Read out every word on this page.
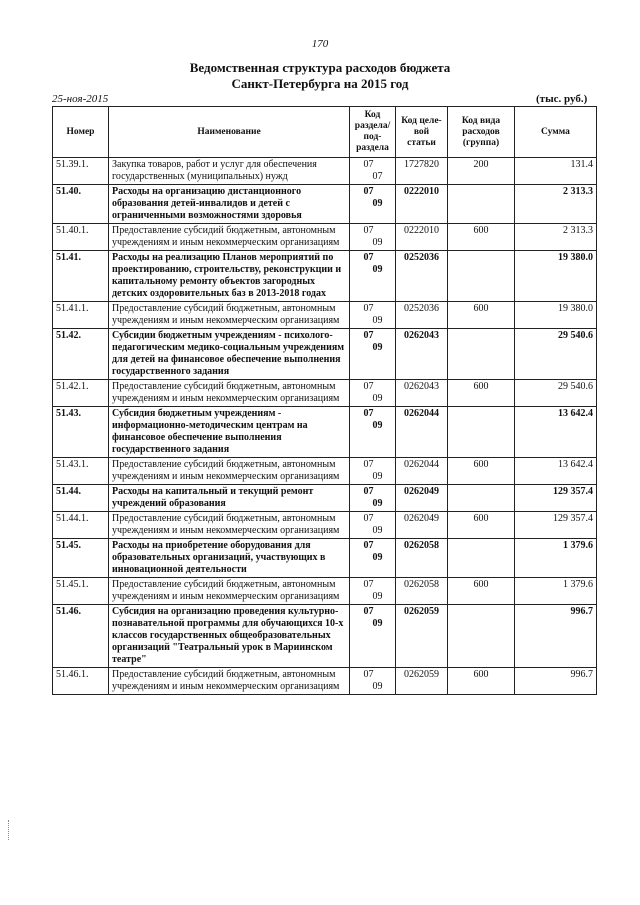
170
Ведомственная структура расходов бюджета
Санкт-Петербурга на 2015 год
25-ноя-2015	(тыс. руб.)
Номер	Наименование	Код раздела/ под-раздела	Код целе-вой статьи	Код вида расходов (группа)	Сумма
51.39.1.	Закупка товаров, работ и услуг для обеспечения государственных (муниципальных) нужд	0707	1727820	200	131.4
51.40.	Расходы на организацию дистанционного образования детей-инвалидов и детей с ограниченными возможностями здоровья	0709	0222010		2 313.3
51.40.1.	Предоставление субсидий бюджетным, автономным учреждениям и иным некоммерческим организациям	0709	0222010	600	2 313.3
51.41.	Расходы на реализацию Планов мероприятий по проектированию, строительству, реконструкции и капитальному ремонту объектов загородных детских оздоровительных баз в 2013-2018 годах	0709	0252036		19 380.0
51.41.1.	Предоставление субсидий бюджетным, автономным учреждениям и иным некоммерческим организациям	0709	0252036	600	19 380.0
51.42.	Субсидии бюджетным учреждениям - психолого-педагогическим медико-социальным учреждениям для детей на финансовое обеспечение выполнения государственного задания	0709	0262043		29 540.6
51.42.1.	Предоставление субсидий бюджетным, автономным учреждениям и иным некоммерческим организациям	0709	0262043	600	29 540.6
51.43.	Субсидия бюджетным учреждениям - информационно-методическим центрам на финансовое обеспечение выполнения государственного задания	0709	0262044		13 642.4
51.43.1.	Предоставление субсидий бюджетным, автономным учреждениям и иным некоммерческим организациям	0709	0262044	600	13 642.4
51.44.	Расходы на капитальный и текущий ремонт учреждений образования	0709	0262049		129 357.4
51.44.1.	Предоставление субсидий бюджетным, автономным учреждениям и иным некоммерческим организациям	0709	0262049	600	129 357.4
51.45.	Расходы на приобретение оборудования для образовательных организаций, участвующих в инновационной деятельности	0709	0262058		1 379.6
51.45.1.	Предоставление субсидий бюджетным, автономным учреждениям и иным некоммерческим организациям	0709	0262058	600	1 379.6
51.46.	Субсидия на организацию проведения культурно-познавательной программы для обучающихся 10-х классов государственных общеобразовательных организаций "Театральный урок в Мариинском театре"	0709	0262059		996.7
51.46.1.	Предоставление субсидий бюджетным, автономным учреждениям и иным некоммерческим организациям	0709	0262059	600	996.7
